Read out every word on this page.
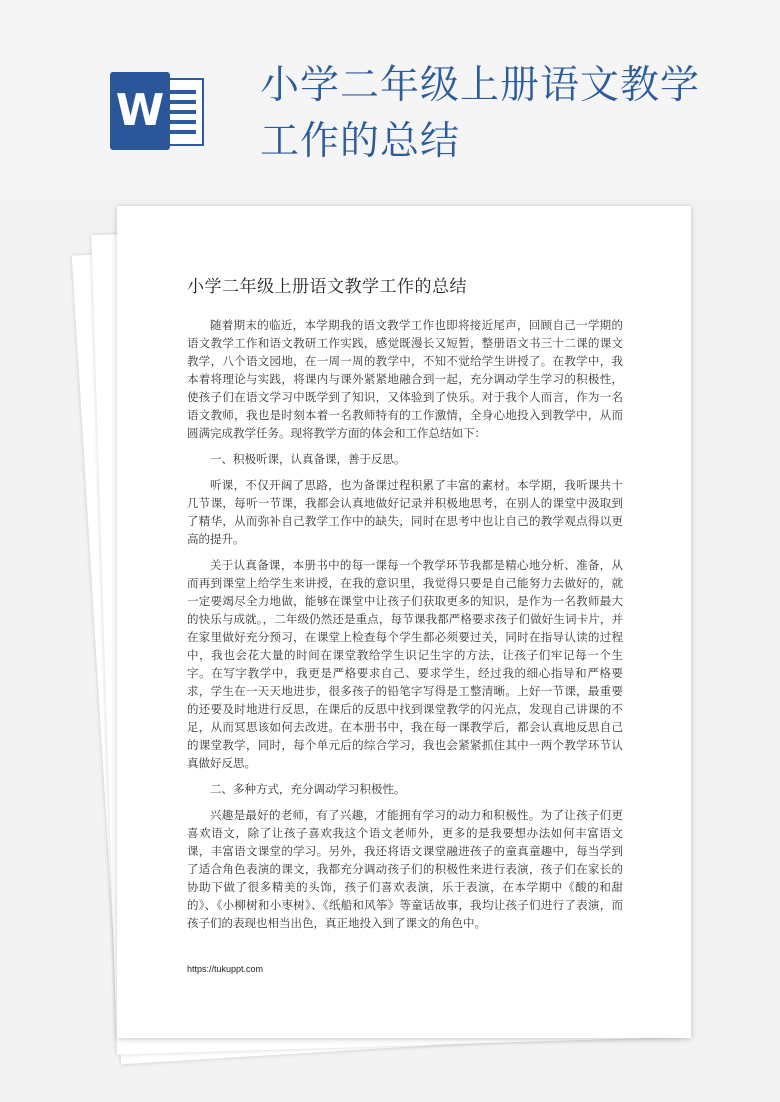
W 小学二年级上册语文教学工作的总结
小学二年级上册语文教学工作的总结

随着期末的临近，本学期我的语文教学工作也即将接近尾声，回顾自己一学期的语文教学工作和语文教研工作实践，感觉既漫长又短暂，整册语文书三十二课的课文教学，八个语文园地，在一周一周的教学中，不知不觉给学生讲授了。在教学中，我本着将理论与实践，将课内与课外紧紧地融合到一起，充分调动学生学习的积极性，使孩子们在语文学习中既学到了知识，又体验到了快乐。对于我个人而言，作为一名语文教师，我也是时刻本着一名教师特有的工作激情，全身心地投入到教学中，从而圆满完成教学任务。现将教学方面的体会和工作总结如下：

一、积极听课，认真备课，善于反思。

听课，不仅开阔了思路，也为备课过程积累了丰富的素材。本学期，我听课共十几节课，每听一节课，我都会认真地做好记录并积极地思考，在别人的课堂中汲取到了精华，从而弥补自己教学工作中的缺失，同时在思考中也让自己的教学观点得以更高的提升。

关于认真备课，本册书中的每一课每一个教学环节我都是精心地分析、准备，从而再到课堂上给学生来讲授，在我的意识里，我觉得只要是自己能努力去做好的，就一定要竭尽全力地做，能够在课堂中让孩子们获取更多的知识，是作为一名教师最大的快乐与成就。，二年级仍然还是重点，每节课我都严格要求孩子们做好生词卡片，并在家里做好充分预习，在课堂上检查每个学生都必须要过关，同时在指导认读的过程中，我也会花大量的时间在课堂教给学生识记生字的方法，让孩子们牢记每一个生字。在写字教学中，我更是严格要求自己、要求学生，经过我的细心指导和严格要求，学生在一天天地进步，很多孩子的铅笔字写得是工整清晰。上好一节课，最重要的还要及时地进行反思，在课后的反思中找到课堂教学的闪光点，发现自己讲课的不足，从而冥思该如何去改进。在本册书中，我在每一课教学后，都会认真地反思自己的课堂教学，同时，每个单元后的综合学习，我也会紧紧抓住其中一两个教学环节认真做好反思。

二、多种方式，充分调动学习积极性。

兴趣是最好的老师，有了兴趣，才能拥有学习的动力和积极性。为了让孩子们更喜欢语文，除了让孩子喜欢我这个语文老师外，更多的是我要想办法如何丰富语文课，丰富语文课堂的学习。另外，我还将语文课堂融进孩子的童真童趣中，每当学到了适合角色表演的课文，我都充分调动孩子们的积极性来进行表演，孩子们在家长的协助下做了很多精美的头饰，孩子们喜欢表演，乐于表演，在本学期中《酸的和甜的》、《小柳树和小枣树》、《纸船和风筝》等童话故事，我均让孩子们进行了表演，而孩子们的表现也相当出色，真正地投入到了课文的角色中。

https://tukuppt.com
